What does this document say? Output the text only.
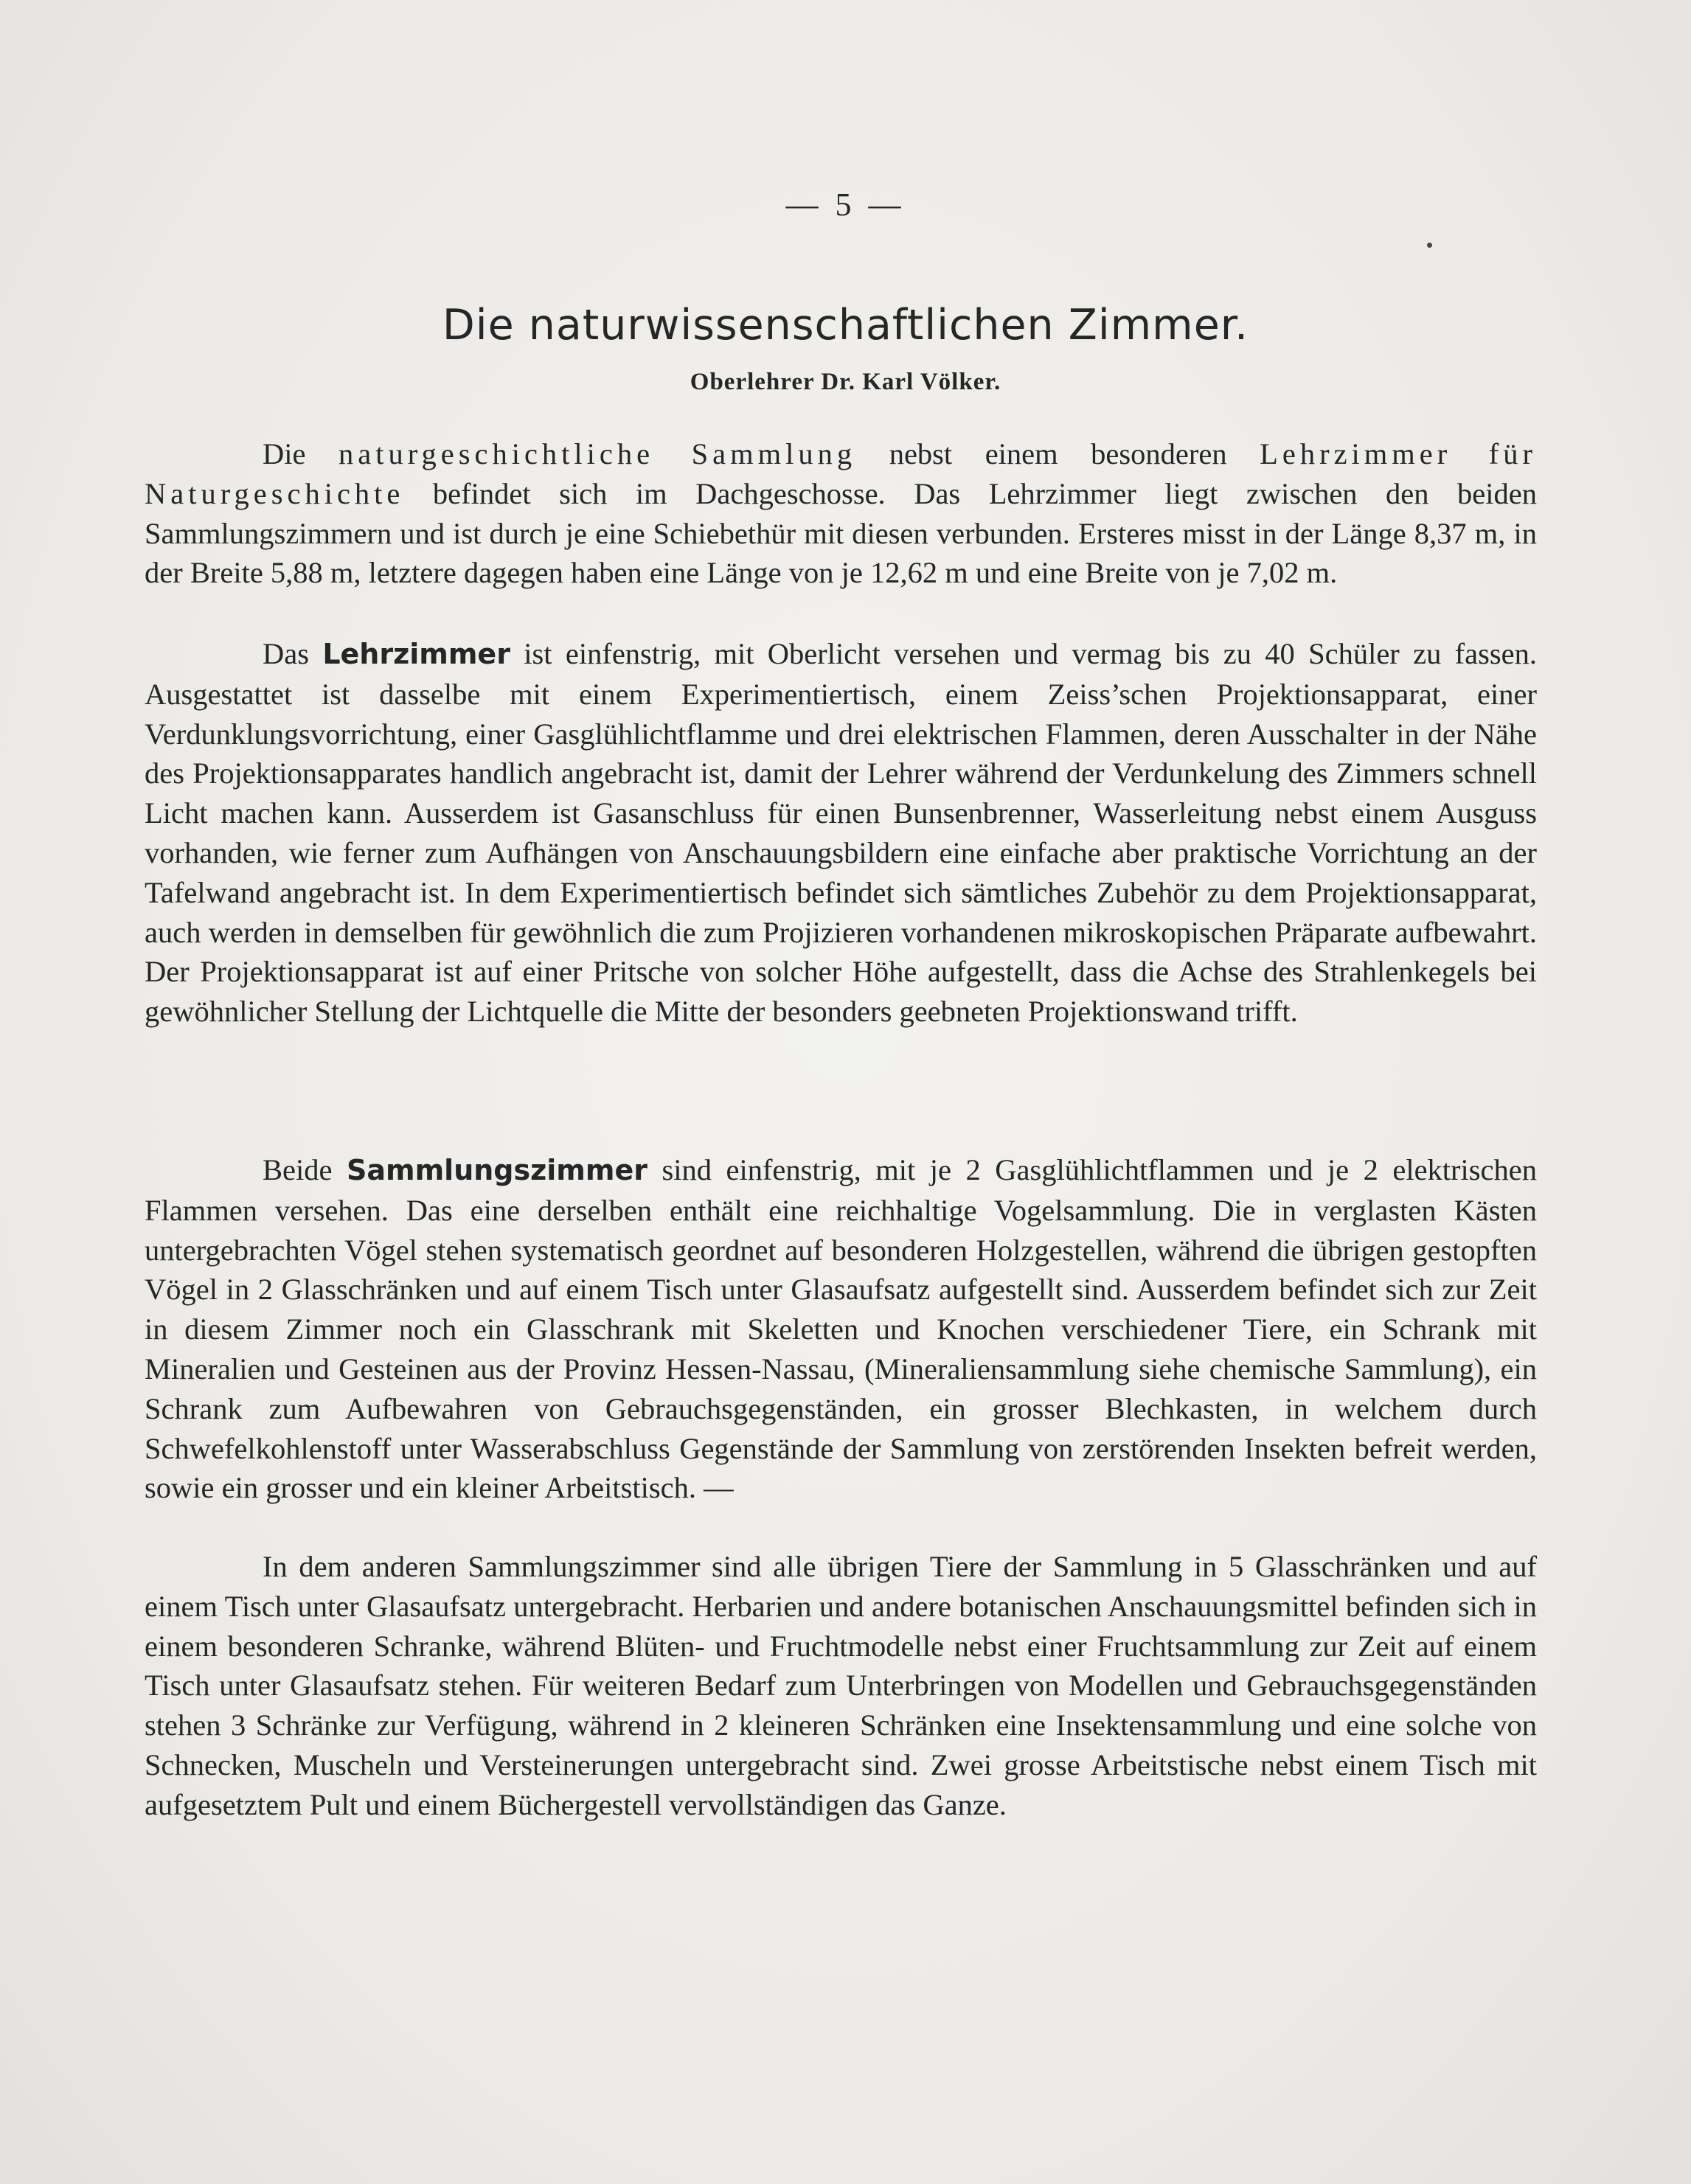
— 5 —
Die naturwissenschaftlichen Zimmer.
Oberlehrer Dr. Karl Völker.

Die naturgeschichtliche Sammlung nebst einem besonderen Lehrzimmer für Naturgeschichte befindet sich im Dachgeschosse. Das Lehrzimmer liegt zwischen den beiden Sammlungszimmern und ist durch je eine Schiebethür mit diesen verbunden. Ersteres misst in der Länge 8,37 m, in der Breite 5,88 m, letztere dagegen haben eine Länge von je 12,62 m und eine Breite von je 7,02 m.

Das Lehrzimmer ist einfenstrig, mit Oberlicht versehen und vermag bis zu 40 Schüler zu fassen. Ausgestattet ist dasselbe mit einem Experimentiertisch, einem Zeiss’schen Projektionsapparat, einer Verdunklungsvorrichtung, einer Gasglühlichtflamme und drei elektrischen Flammen, deren Ausschalter in der Nähe des Projektionsapparates handlich angebracht ist, damit der Lehrer während der Verdunkelung des Zimmers schnell Licht machen kann. Ausserdem ist Gasanschluss für einen Bunsenbrenner, Wasserleitung nebst einem Ausguss vorhanden, wie ferner zum Aufhängen von Anschauungsbildern eine einfache aber praktische Vorrichtung an der Tafelwand angebracht ist. In dem Experimentiertisch befindet sich sämtliches Zubehör zu dem Projektionsapparat, auch werden in demselben für gewöhnlich die zum Projizieren vorhandenen mikroskopischen Präparate aufbewahrt. Der Projektionsapparat ist auf einer Pritsche von solcher Höhe aufgestellt, dass die Achse des Strahlenkegels bei gewöhnlicher Stellung der Lichtquelle die Mitte der besonders geebneten Projektionswand trifft.

Beide Sammlungszimmer sind einfenstrig, mit je 2 Gasglühlichtflammen und je 2 elektrischen Flammen versehen. Das eine derselben enthält eine reichhaltige Vogelsammlung. Die in verglasten Kästen untergebrachten Vögel stehen systematisch geordnet auf besonderen Holzgestellen, während die übrigen gestopften Vögel in 2 Glasschränken und auf einem Tisch unter Glasaufsatz aufgestellt sind. Ausserdem befindet sich zur Zeit in diesem Zimmer noch ein Glasschrank mit Skeletten und Knochen verschiedener Tiere, ein Schrank mit Mineralien und Gesteinen aus der Provinz Hessen-Nassau, (Mineraliensammlung siehe chemische Sammlung), ein Schrank zum Aufbewahren von Gebrauchsgegenständen, ein grosser Blechkasten, in welchem durch Schwefelkohlenstoff unter Wasserabschluss Gegenstände der Sammlung von zerstörenden Insekten befreit werden, sowie ein grosser und ein kleiner Arbeitstisch. —

In dem anderen Sammlungszimmer sind alle übrigen Tiere der Sammlung in 5 Glasschränken und auf einem Tisch unter Glasaufsatz untergebracht. Herbarien und andere botanischen Anschauungsmittel befinden sich in einem besonderen Schranke, während Blüten- und Fruchtmodelle nebst einer Fruchtsammlung zur Zeit auf einem Tisch unter Glasaufsatz stehen. Für weiteren Bedarf zum Unterbringen von Modellen und Gebrauchsgegenständen stehen 3 Schränke zur Verfügung, während in 2 kleineren Schränken eine Insektensammlung und eine solche von Schnecken, Muscheln und Versteinerungen untergebracht sind. Zwei grosse Arbeitstische nebst einem Tisch mit aufgesetztem Pult und einem Büchergestell vervollständigen das Ganze.
